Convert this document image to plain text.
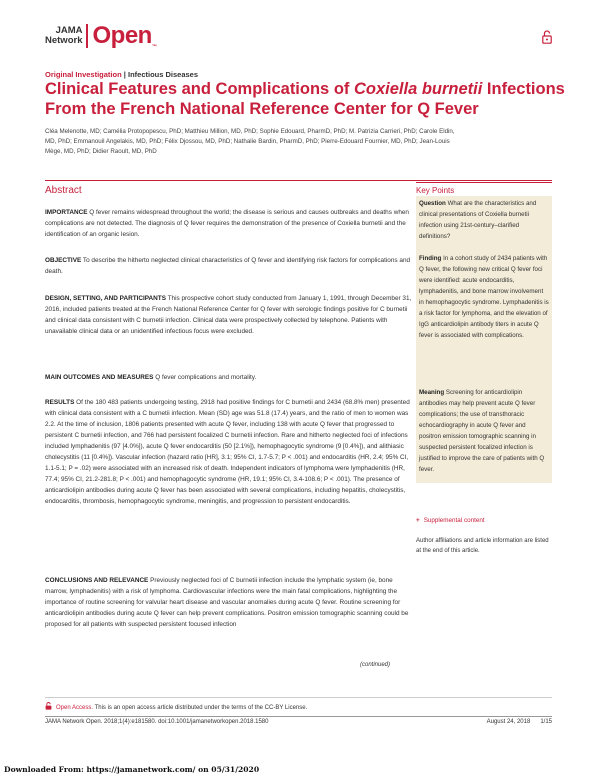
JAMA
Network Open™
Original Investigation | Infectious Diseases
Clinical Features and Complications of Coxiella burnetii Infections From the French National Reference Center for Q Fever
Cléa Melenotte, MD; Camélia Protopopescu, PhD; Matthieu Million, MD, PhD; Sophie Edouard, PharmD, PhD; M. Patrizia Carrieri, PhD; Carole Eldin, MD, PhD; Emmanouil Angelakis, MD, PhD; Félix Djossou, MD, PhD; Nathalie Bardin, PharmD, PhD; Pierre-Edouard Fournier, MD, PhD; Jean-Louis Mège, MD, PhD; Didier Raoult, MD, PhD
Abstract

IMPORTANCE Q fever remains widespread throughout the world; the disease is serious and causes outbreaks and deaths when complications are not detected. The diagnosis of Q fever requires the demonstration of the presence of Coxiella burnetii and the identification of an organic lesion.

OBJECTIVE To describe the hitherto neglected clinical characteristics of Q fever and identifying risk factors for complications and death.

DESIGN, SETTING, AND PARTICIPANTS This prospective cohort study conducted from January 1, 1991, through December 31, 2016, included patients treated at the French National Reference Center for Q fever with serologic findings positive for C burnetii and clinical data consistent with C burnetii infection. Clinical data were prospectively collected by telephone. Patients with unavailable clinical data or an unidentified infectious focus were excluded.

MAIN OUTCOMES AND MEASURES Q fever complications and mortality.

RESULTS Of the 180 483 patients undergoing testing, 2918 had positive findings for C burnetii and 2434 (68.8% men) presented with clinical data consistent with a C burnetii infection. Mean (SD) age was 51.8 (17.4) years, and the ratio of men to women was 2.2. At the time of inclusion, 1806 patients presented with acute Q fever, including 138 with acute Q fever that progressed to persistent C burnetii infection, and 766 had persistent focalized C burnetii infection. Rare and hitherto neglected foci of infections included lymphadenitis (97 [4.0%]), acute Q fever endocarditis (50 [2.1%]), hemophagocytic syndrome (9 [0.4%]), and alithiasic cholecystitis (11 [0.4%]). Vascular infection (hazard ratio [HR], 3.1; 95% CI, 1.7-5.7; P < .001) and endocarditis (HR, 2.4; 95% CI, 1.1-5.1; P = .02) were associated with an increased risk of death. Independent indicators of lymphoma were lymphadenitis (HR, 77.4; 95% CI, 21.2-281.8; P < .001) and hemophagocytic syndrome (HR, 19.1; 95% CI, 3.4-108.6; P < .001). The presence of anticardiolipin antibodies during acute Q fever has been associated with several complications, including hepatitis, cholecystitis, endocarditis, thrombosis, hemophagocytic syndrome, meningitis, and progression to persistent endocarditis.

CONCLUSIONS AND RELEVANCE Previously neglected foci of C burnetii infection include the lymphatic system (ie, bone marrow, lymphadenitis) with a risk of lymphoma. Cardiovascular infections were the main fatal complications, highlighting the importance of routine screening for valvular heart disease and vascular anomalies during acute Q fever. Routine screening for anticardiolipin antibodies during acute Q fever can help prevent complications. Positron emission tomographic scanning could be proposed for all patients with suspected persistent focused infection

(continued)
Key Points

Question What are the characteristics and clinical presentations of Coxiella burnetii infection using 21st-century–clarified definitions?

Finding In a cohort study of 2434 patients with Q fever, the following new critical Q fever foci were identified: acute endocarditis, lymphadenitis, and bone marrow involvement in hemophagocytic syndrome. Lymphadenitis is a risk factor for lymphoma, and the elevation of IgG anticardiolipin antibody titers in acute Q fever is associated with complications.

Meaning Screening for anticardiolipin antibodies may help prevent acute Q fever complications; the use of transthoracic echocardiography in acute Q fever and positron emission tomographic scanning in suspected persistent focalized infection is justified to improve the care of patients with Q fever.

+ Supplemental content
Author affiliations and article information are listed at the end of this article.
Open Access. This is an open access article distributed under the terms of the CC-BY License.
JAMA Network Open. 2018;1(4):e181580. doi:10.1001/jamanetworkopen.2018.1580	August 24, 2018      1/15
Downloaded From: https://jamanetwork.com/ on 05/31/2020
